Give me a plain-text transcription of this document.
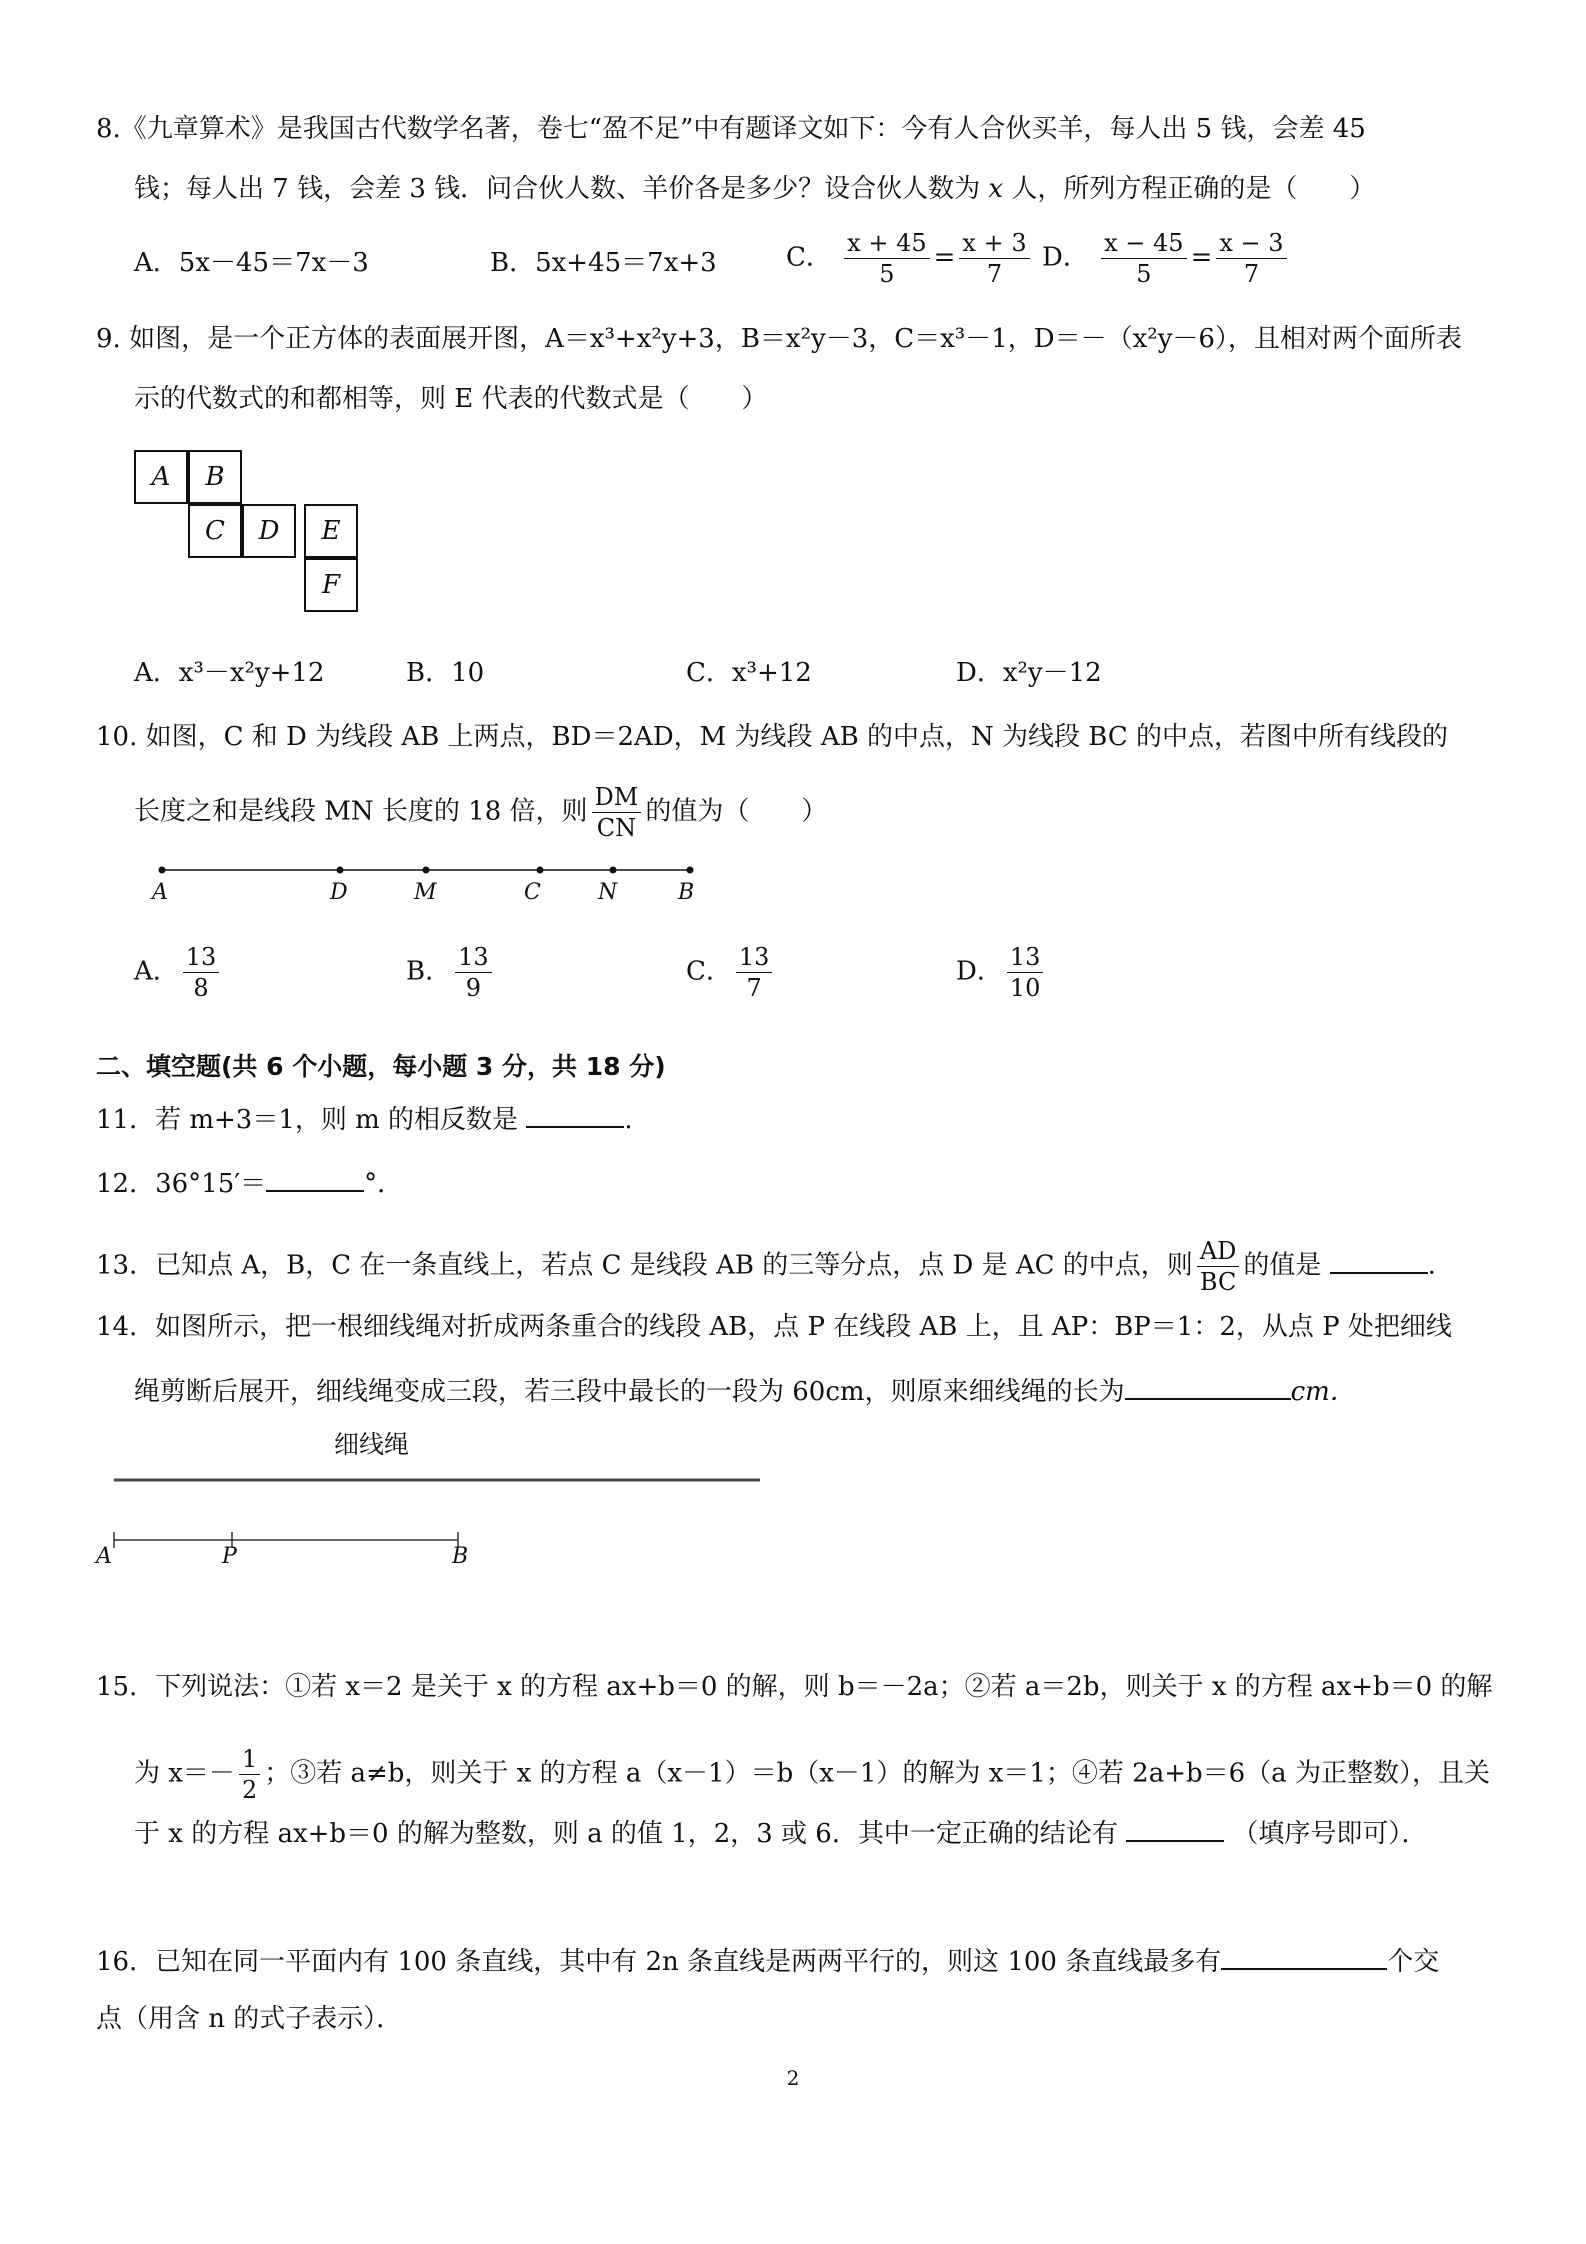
8.《九章算术》是我国古代数学名著，卷七“盈不足”中有题译文如下：今有人合伙买羊，每人出 5 钱，会差 45
钱；每人出 7 钱，会差 3 钱．问合伙人数、羊价各是多少？设合伙人数为 x 人，所列方程正确的是（　　）
A．5x－45＝7x－3	B．5x+45＝7x+3	C． $\frac{x + 45}{5} = \frac{x + 3}{7}$ D． $\frac{x - 45}{5} = \frac{x - 3}{7}$
9. 如图，是一个正方体的表面展开图，A＝x³+x²y+3，B＝x²y－3，C＝x³－1，D＝－（x²y－6），且相对两个面所表
示的代数式的和都相等，则 E 代表的代数式是（　　）
A	B
C	D	E
F
A．x³－x²y+12	B．10	C．x³+12	D．x²y－12
10. 如图，C 和 D 为线段 AB 上两点，BD＝2AD，M 为线段 AB 的中点，N 为线段 BC 的中点，若图中所有线段的
长度之和是线段 MN 长度的 18 倍，则 $\frac{DM}{CN}$ 的值为（　　）
A	D	M	C	N	B
A． $\frac{13}{8}$	B． $\frac{13}{9}$	C． $\frac{13}{7}$	D． $\frac{13}{10}$
二、填空题(共 6 个小题，每小题 3 分，共 18 分)
11．若 m+3＝1，则 m 的相反数是	.
12．36°15′＝	°．
13．已知点 A，B，C 在一条直线上，若点 C 是线段 AB 的三等分点，点 D 是 AC 的中点，则 $\frac{AD}{BC}$ 的值是	.
14．如图所示，把一根细线绳对折成两条重合的线段 AB，点 P 在线段 AB 上，且 AP：BP＝1：2，从点 P 处把细线
绳剪断后展开，细线绳变成三段，若三段中最长的一段为 60cm，则原来细线绳的长为	cm．
细线绳
A	P	B
15．下列说法：①若 x＝2 是关于 x 的方程 ax+b＝0 的解，则 b＝－2a；②若 a＝2b，则关于 x 的方程 ax+b＝0 的解
为 $x=- \frac{1}{2}$ ；③若 a≠b，则关于 x 的方程 a（x－1）＝b（x－1）的解为 x＝1；④若 2a+b＝6（a 为正整数），且关
于 x 的方程 ax+b＝0 的解为整数，则 a 的值 1，2，3 或 6．其中一定正确的结论有	（填序号即可）．
16．已知在同一平面内有 100 条直线，其中有 2n 条直线是两两平行的，则这 100 条直线最多有	个交
点（用含 n 的式子表示）．
2
